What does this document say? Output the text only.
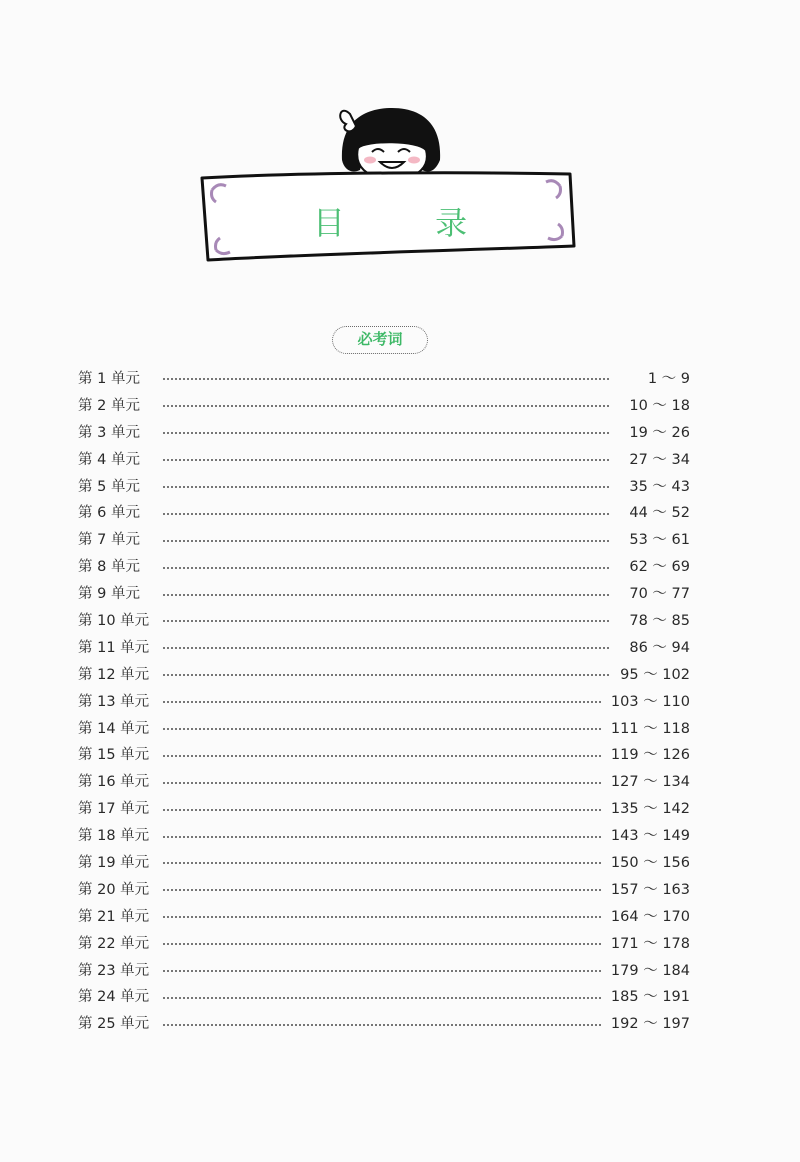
目 录
必考词
第 1 单元	1 ～ 9
第 2 单元	10 ～ 18
第 3 单元	19 ～ 26
第 4 单元	27 ～ 34
第 5 单元	35 ～ 43
第 6 单元	44 ～ 52
第 7 单元	53 ～ 61
第 8 单元	62 ～ 69
第 9 单元	70 ～ 77
第 10 单元	78 ～ 85
第 11 单元	86 ～ 94
第 12 单元	95 ～ 102
第 13 单元	103 ～ 110
第 14 单元	111 ～ 118
第 15 单元	119 ～ 126
第 16 单元	127 ～ 134
第 17 单元	135 ～ 142
第 18 单元	143 ～ 149
第 19 单元	150 ～ 156
第 20 单元	157 ～ 163
第 21 单元	164 ～ 170
第 22 单元	171 ～ 178
第 23 单元	179 ～ 184
第 24 单元	185 ～ 191
第 25 单元	192 ～ 197
